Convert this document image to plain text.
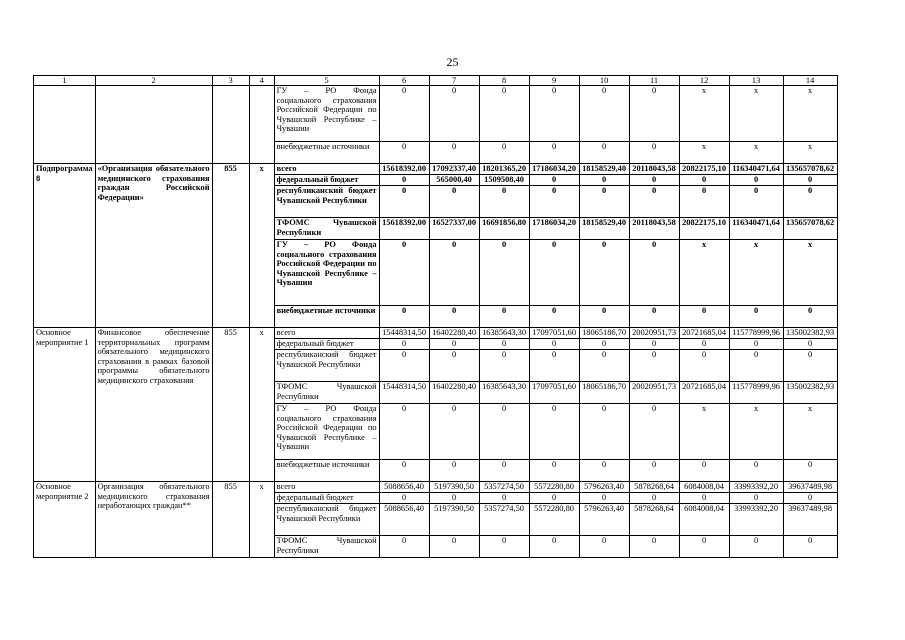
25
1	2	3	4	5	6	7	8	9	10	11	12	13	14
				ГУ – РО Фонда социального страхования Российской Федерации по Чувашской Республике – Чувашии	0	0	0	0	0	0	x	x	x
				внебюджетные источники	0	0	0	0	0	0	x	x	x
Подпрограмма 8	«Организация обязательного медицинского страхования граждан Российской Федерации»	855	x	всего	15618392,00	17092337,40	18201365,20	17186034,20	18158529,40	20118043,58	20822175,10	116340471,64	135657078,62
				федеральный бюджет	0	565000,40	1509508,40	0	0	0	0	0	0
				республиканский бюджет Чувашской Республики	0	0	0	0	0	0	0	0	0
				ТФОМС Чувашской Республики	15618392,00	16527337,00	16691856,80	17186034,20	18158529,40	20118043,58	20822175,10	116340471,64	135657078,62
				ГУ – РО Фонда социального страхования Российской Федерации по Чувашской Республике – Чувашии	0	0	0	0	0	0	x	x	x
				внебюджетные источники	0	0	0	0	0	0	0	0	0
Основное мероприятие 1	Финансовое обеспечение территориальных программ обязательного медицинского страхования в рамках базовой программы обязательного медицинского страхования	855	x	всего	15448314,50	16402280,40	16385643,30	17097051,60	18065186,70	20020951,73	20721685,04	115778999,96	135002382,93
				федеральный бюджет	0	0	0	0	0	0	0	0	0
				республиканский бюджет Чувашской Республики	0	0	0	0	0	0	0	0	0
				ТФОМС Чувашской Республики	15448314,50	16402280,40	16385643,30	17097051,60	18065186,70	20020951,73	20721685,04	115778999,96	135002382,93
				ГУ – РО Фонда социального страхования Российской Федерации по Чувашской Республике – Чувашии	0	0	0	0	0	0	x	x	x
				внебюджетные источники	0	0	0	0	0	0	0	0	0
Основное мероприятие 2	Организация обязательного медицинского страхования неработающих граждан**	855	x	всего	5088656,40	5197390,50	5357274,50	5572280,80	5796263,40	5878268,64	6084008,04	33993392,20	39637489,98
				федеральный бюджет	0	0	0	0	0	0	0	0	0
				республиканский бюджет Чувашской Республики	5088656,40	5197390,50	5357274,50	5572280,80	5796263,40	5878268,64	6084008,04	33993392,20	39637489,98
				ТФОМС Чувашской Республики	0	0	0	0	0	0	0	0	0
